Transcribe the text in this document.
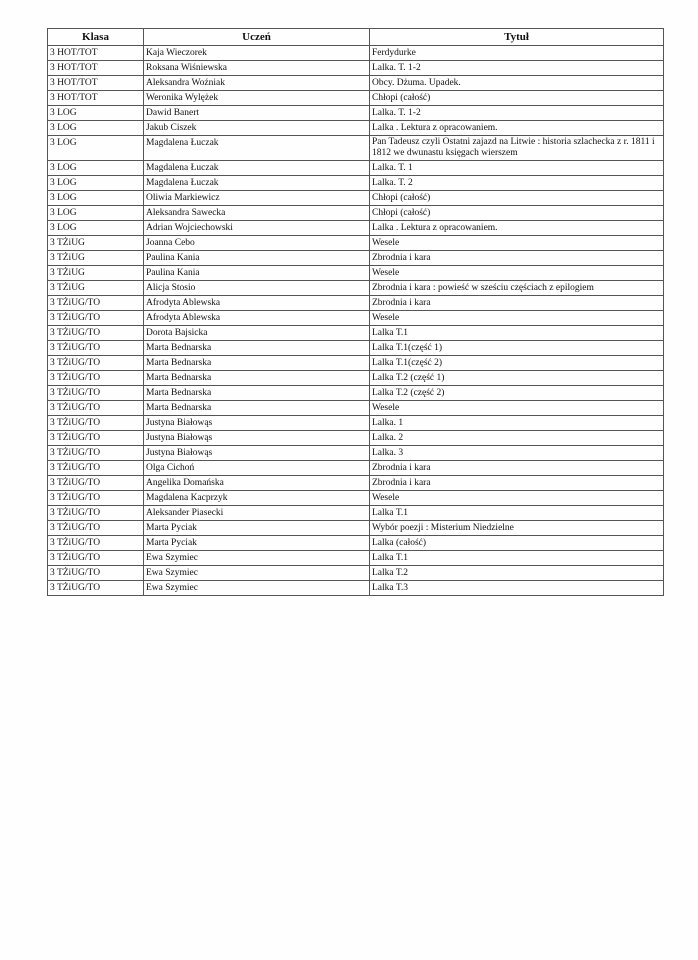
Klasa	Uczeń	Tytuł
3 HOT/TOT	Kaja Wieczorek	Ferdydurke
3 HOT/TOT	Roksana Wiśniewska	Lalka. T. 1-2
3 HOT/TOT	Aleksandra Woźniak	Obcy. Dżuma. Upadek.
3 HOT/TOT	Weronika Wylężek	Chłopi (całość)
3 LOG	Dawid Banert	Lalka. T. 1-2
3 LOG	Jakub Ciszek	Lalka . Lektura z opracowaniem.
3 LOG	Magdalena Łuczak	Pan Tadeusz czyli Ostatni zajazd na Litwie : historia szlachecka z r. 1811 i 1812 we dwunastu księgach wierszem
3 LOG	Magdalena Łuczak	Lalka. T. 1
3 LOG	Magdalena Łuczak	Lalka. T. 2
3 LOG	Oliwia Markiewicz	Chłopi (całość)
3 LOG	Aleksandra Sawecka	Chłopi (całość)
3 LOG	Adrian Wojciechowski	Lalka . Lektura z opracowaniem.
3 TŻiUG	Joanna Cebo	Wesele
3 TŻiUG	Paulina Kania	Zbrodnia i kara
3 TŻiUG	Paulina Kania	Wesele
3 TŻiUG	Alicja Stosio	Zbrodnia i kara : powieść w sześciu częściach z epilogiem
3 TŻiUG/TO	Afrodyta Ablewska	Zbrodnia i kara
3 TŻiUG/TO	Afrodyta Ablewska	Wesele
3 TŻiUG/TO	Dorota Bajsicka	Lalka T.1
3 TŻiUG/TO	Marta Bednarska	Lalka T.1(część 1)
3 TŻiUG/TO	Marta Bednarska	Lalka T.1(część 2)
3 TŻiUG/TO	Marta Bednarska	Lalka T.2 (część 1)
3 TŻiUG/TO	Marta Bednarska	Lalka T.2 (część 2)
3 TŻiUG/TO	Marta Bednarska	Wesele
3 TŻiUG/TO	Justyna Białowąs	Lalka. 1
3 TŻiUG/TO	Justyna Białowąs	Lalka. 2
3 TŻiUG/TO	Justyna Białowąs	Lalka. 3
3 TŻiUG/TO	Olga Cichoń	Zbrodnia i kara
3 TŻiUG/TO	Angelika Domańska	Zbrodnia i kara
3 TŻiUG/TO	Magdalena Kacprzyk	Wesele
3 TŻiUG/TO	Aleksander Piasecki	Lalka T.1
3 TŻiUG/TO	Marta Pyciak	Wybór poezji : Misterium Niedzielne
3 TŻiUG/TO	Marta Pyciak	Lalka (całość)
3 TŻiUG/TO	Ewa Szymiec	Lalka T.1
3 TŻiUG/TO	Ewa Szymiec	Lalka T.2
3 TŻiUG/TO	Ewa Szymiec	Lalka T.3
